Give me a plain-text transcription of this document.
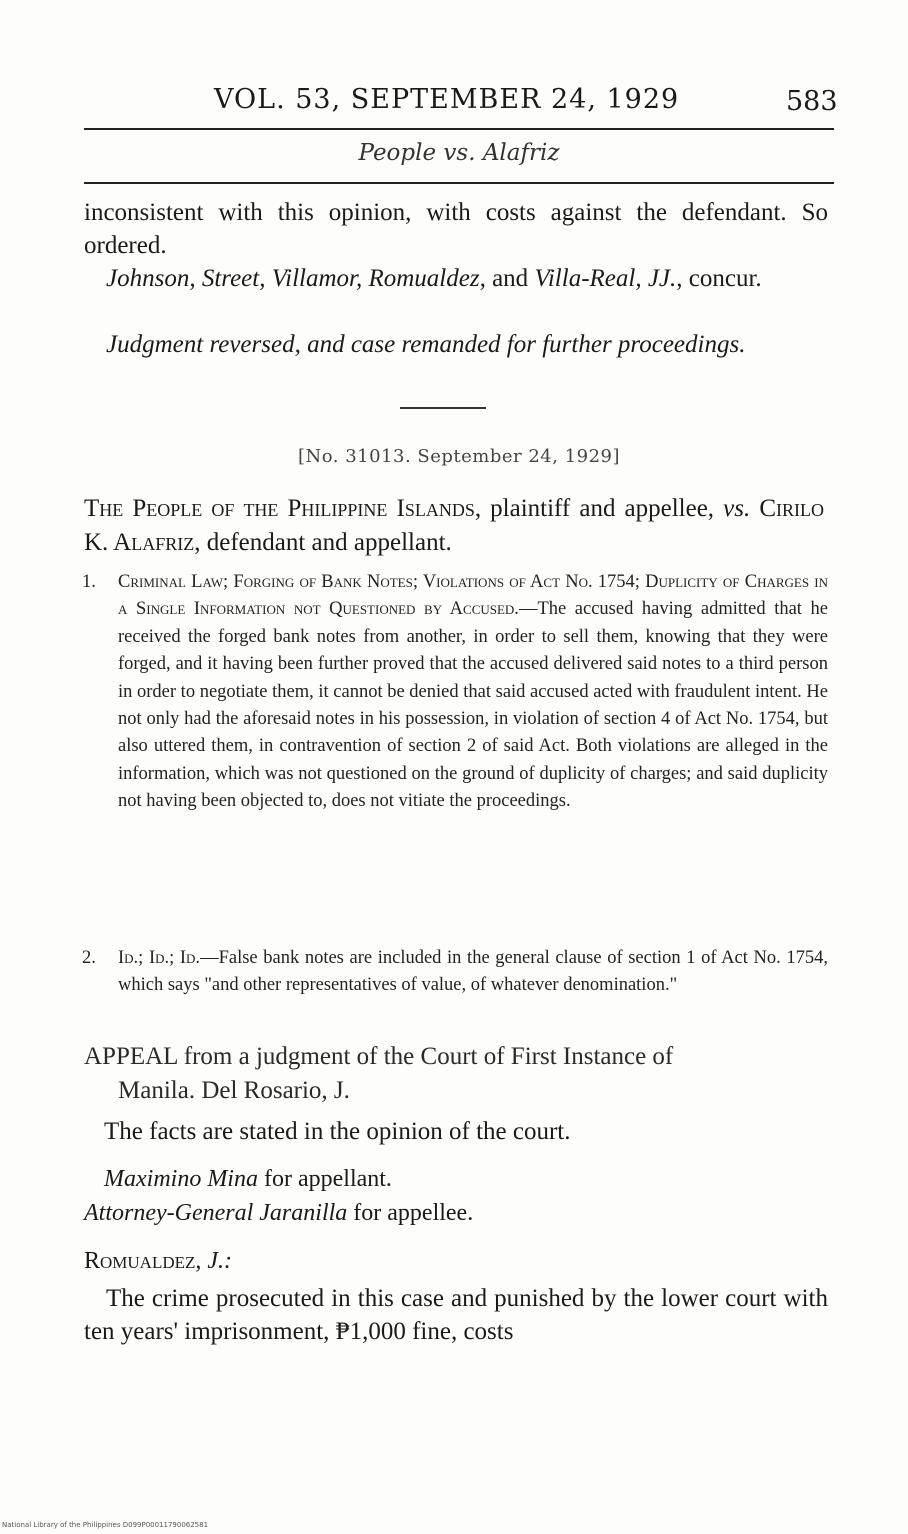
VOL. 53, SEPTEMBER 24, 1929	583
People vs. Alafriz
inconsistent with this opinion, with costs against the defendant. So ordered.
Johnson, Street, Villamor, Romualdez, and Villa-Real, JJ., concur.
Judgment reversed, and case remanded for further proceedings.
[No. 31013. September 24, 1929]
The People of the Philippine Islands, plaintiff and appellee, vs. Cirilo K. Alafriz, defendant and appellant.
1. Criminal Law; Forging of Bank Notes; Violations of Act No. 1754; Duplicity of Charges in a Single Information not Questioned by Accused.—The accused having admitted that he received the forged bank notes from another, in order to sell them, knowing that they were forged, and it having been further proved that the accused delivered said notes to a third person in order to negotiate them, it cannot be denied that said accused acted with fraudulent intent. He not only had the aforesaid notes in his possession, in violation of section 4 of Act No. 1754, but also uttered them, in contravention of section 2 of said Act. Both violations are alleged in the information, which was not questioned on the ground of duplicity of charges; and said duplicity not having been objected to, does not vitiate the proceedings.
2. Id.; Id.; Id.—False bank notes are included in the general clause of section 1 of Act No. 1754, which says "and other representatives of value, of whatever denomination."
APPEAL from a judgment of the Court of First Instance of
Manila. Del Rosario, J.
The facts are stated in the opinion of the court.
Maximino Mina for appellant.
Attorney-General Jaranilla for appellee.
Romualdez, J.:
The crime prosecuted in this case and punished by the lower court with ten years' imprisonment, ₱1,000 fine, costs
National Library of the Philippines D099P00011790062581
